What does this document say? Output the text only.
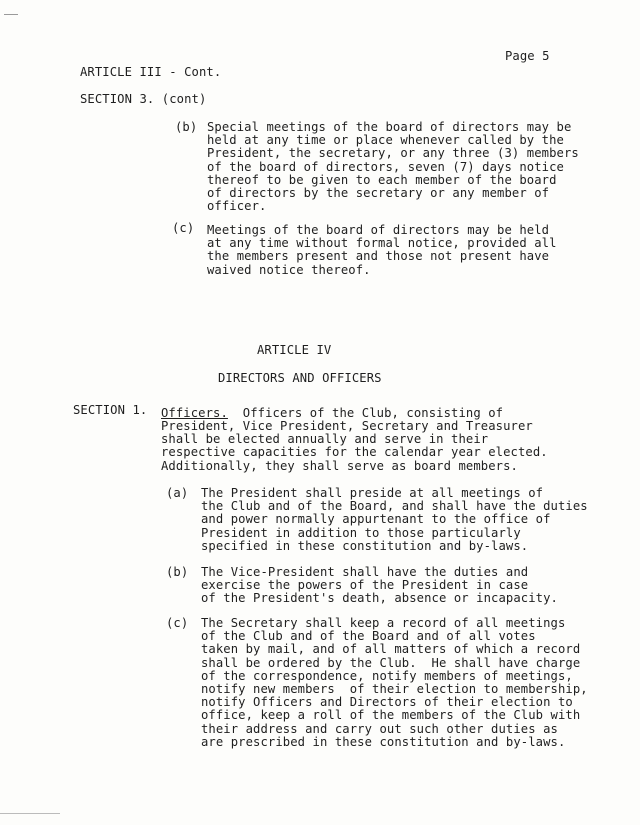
Page 5

ARTICLE III - Cont.

SECTION 3. (cont)

(b) Special meetings of the board of directors may be
held at any time or place whenever called by the
President, the secretary, or any three (3) members
of the board of directors, seven (7) days notice
thereof to be given to each member of the board
of directors by the secretary or any member of
officer.

(c) Meetings of the board of directors may be held
at any time without formal notice, provided all
the members present and those not present have
waived notice thereof.

ARTICLE IV

DIRECTORS AND OFFICERS

SECTION 1. Officers.  Officers of the Club, consisting of

President, Vice President, Secretary and Treasurer
shall be elected annually and serve in their
respective capacities for the calendar year elected.
Additionally, they shall serve as board members.

(a) The President shall preside at all meetings of
the Club and of the Board, and shall have the duties
and power normally appurtenant to the office of
President in addition to those particularly
specified in these constitution and by-laws.

(b) The Vice-President shall have the duties and
exercise the powers of the President in case
of the President's death, absence or incapacity.

(c) The Secretary shall keep a record of all meetings
of the Club and of the Board and of all votes
taken by mail, and of all matters of which a record
shall be ordered by the Club.  He shall have charge
of the correspondence, notify members of meetings,
notify new members  of their election to membership,
notify Officers and Directors of their election to
office, keep a roll of the members of the Club with
their address and carry out such other duties as
are prescribed in these constitution and by-laws.
